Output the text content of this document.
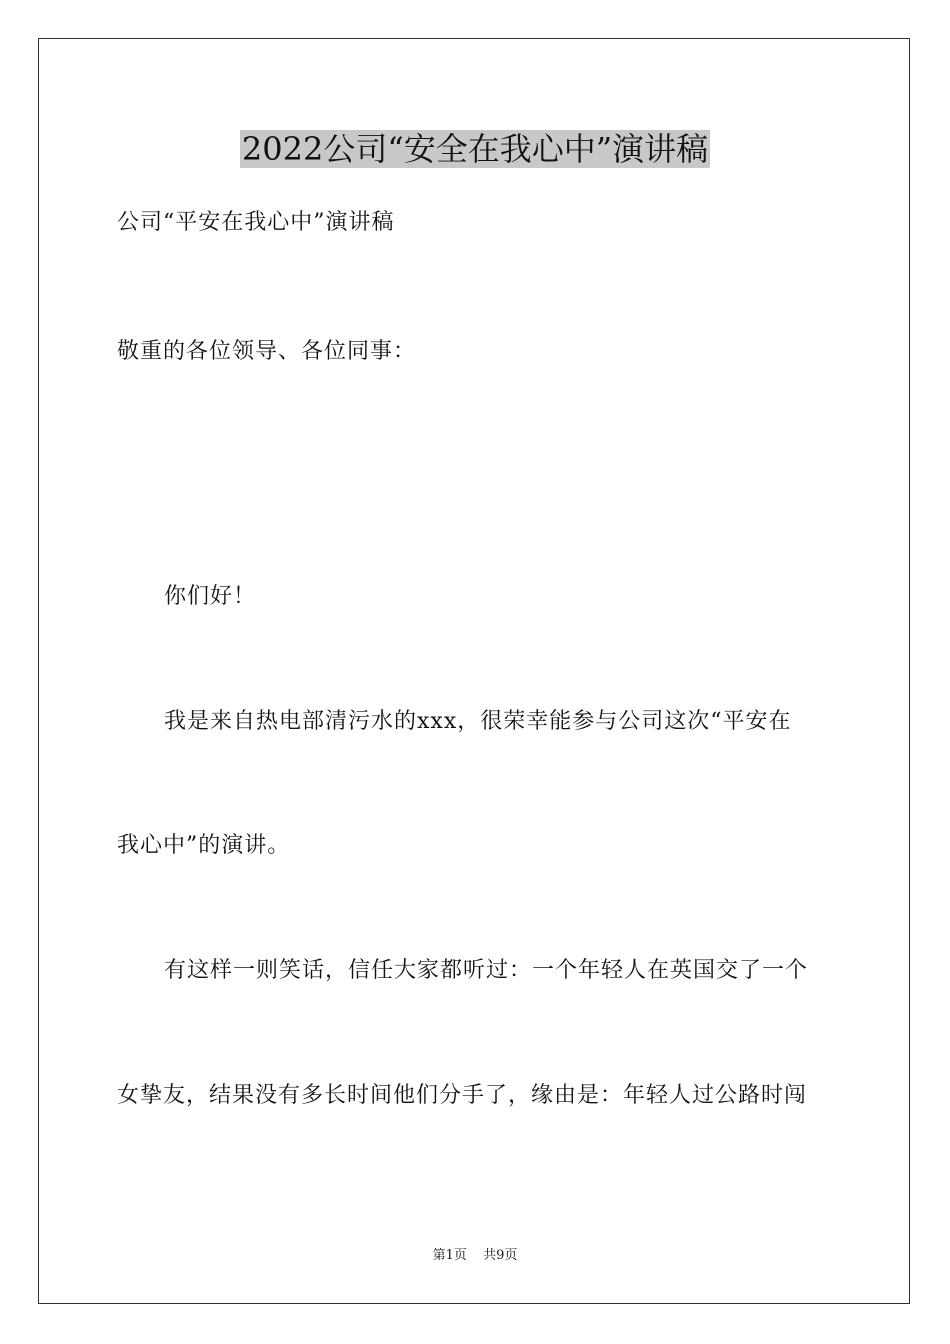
2022公司“安全在我心中”演讲稿

公司“平安在我心中”演讲稿

敬重的各位领导、各位同事：

你们好！

我是来自热电部清污水的xxx，很荣幸能参与公司这次“平安在

我心中”的演讲。

有这样一则笑话，信任大家都听过：一个年轻人在英国交了一个

女挚友，结果没有多长时间他们分手了，缘由是：年轻人过公路时闯

第1页 共9页
